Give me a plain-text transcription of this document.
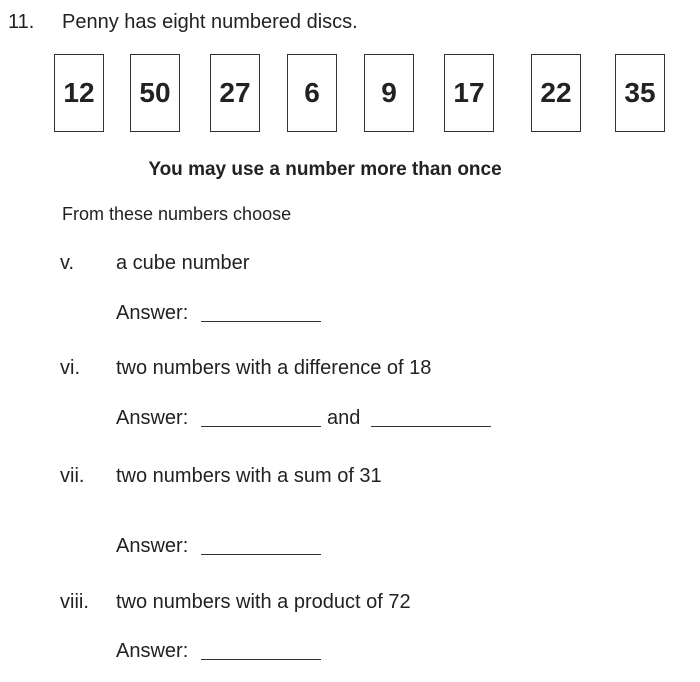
11. Penny has eight numbered discs.
12	50	27	6	9	17	22	35
You may use a number more than once
From these numbers choose
v. a cube number
Answer:
vi. two numbers with a difference of 18
Answer:	and
vii. two numbers with a sum of 31
Answer:
viii. two numbers with a product of 72
Answer:
